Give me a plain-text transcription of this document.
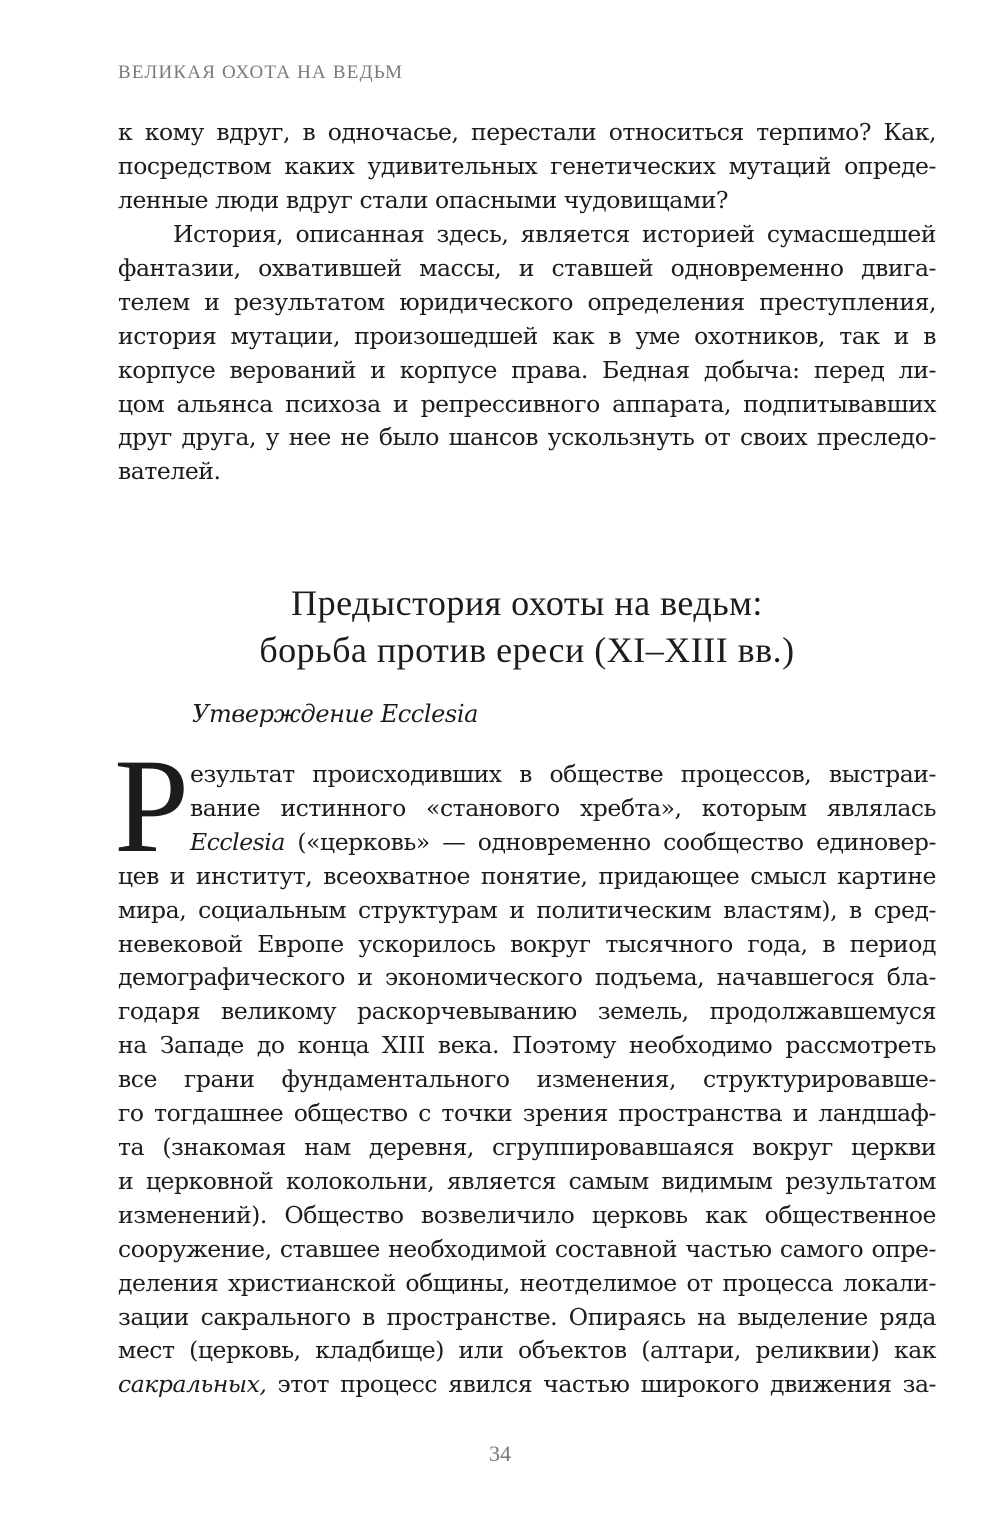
ВЕЛИКАЯ ОХОТА НА ВЕДЬМ
к кому вдруг, в одночасье, перестали относиться терпимо? Как,
посредством каких удивительных генетических мутаций опреде-
ленные люди вдруг стали опасными чудовищами?
История, описанная здесь, является историей сумасшедшей
фантазии, охватившей массы, и ставшей одновременно двига-
телем и результатом юридического определения преступления,
история мутации, произошедшей как в уме охотников, так и в
корпусе верований и корпусе права. Бедная добыча: перед ли-
цом альянса психоза и репрессивного аппарата, подпитывавших
друг друга, у нее не было шансов ускользнуть от своих преследо-
вателей.
Предыстория охоты на ведьм:
борьба против ереси (XI–XIII вв.)
Утверждение Ecclesia
Р езультат происходивших в обществе процессов, выстраи-
вание истинного «станового хребта», которым являлась
Ecclesia («церковь» — одновременно сообщество единовер-
цев и институт, всеохватное понятие, придающее смысл картине
мира, социальным структурам и политическим властям), в сред-
невековой Европе ускорилось вокруг тысячного года, в период
демографического и экономического подъема, начавшегося бла-
годаря великому раскорчевыванию земель, продолжавшемуся
на Западе до конца XIII века. Поэтому необходимо рассмотреть
все грани фундаментального изменения, структурировавше-
го тогдашнее общество с точки зрения пространства и ландшаф-
та (знакомая нам деревня, сгруппировавшаяся вокруг церкви
и церковной колокольни, является самым видимым результатом
изменений). Общество возвеличило церковь как общественное
сооружение, ставшее необходимой составной частью самого опре-
деления христианской общины, неотделимое от процесса локали-
зации сакрального в пространстве. Опираясь на выделение ряда
мест (церковь, кладбище) или объектов (алтари, реликвии) как
сакральных, этот процесс явился частью широкого движения за-
34
